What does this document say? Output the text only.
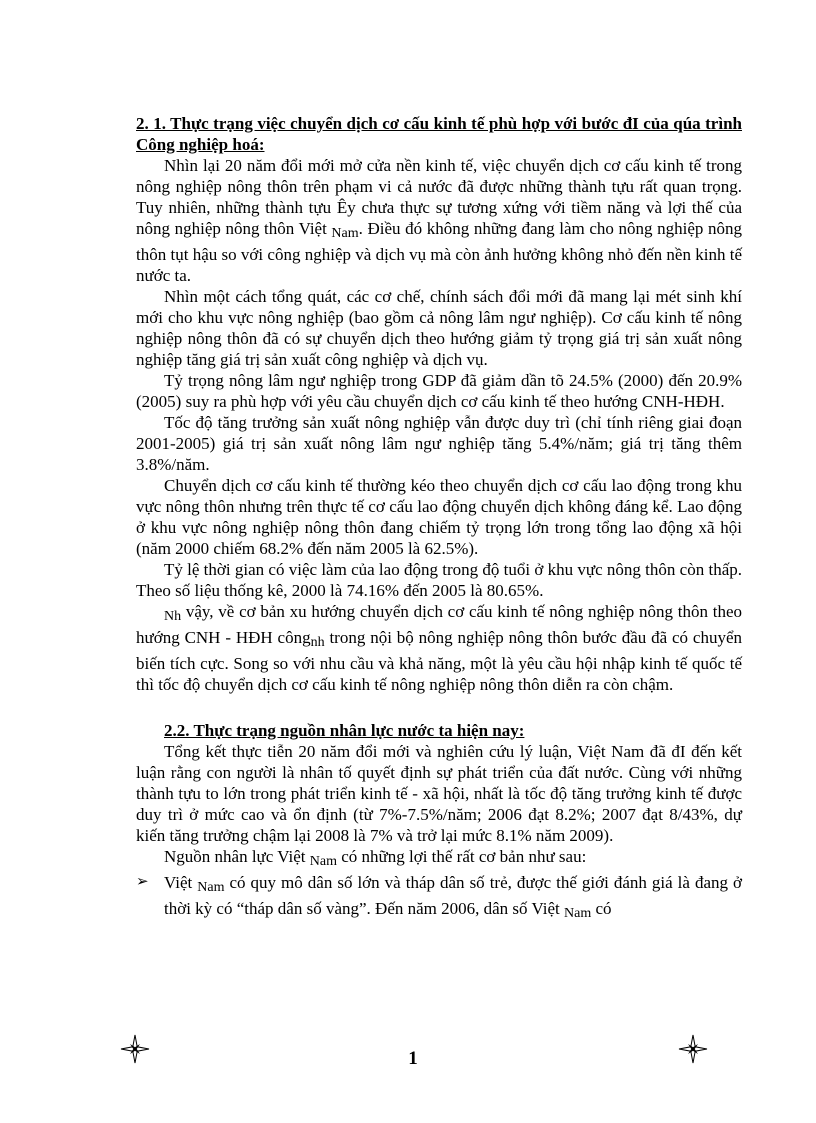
2. 1. Thực trạng việc chuyển dịch cơ cấu kinh tế phù hợp với bước đI của qúa trình Công nghiệp hoá:

Nhìn lại 20 năm đổi mới mở cửa nền kinh tế, việc chuyển dịch cơ cấu kinh tế trong nông nghiệp nông thôn trên phạm vi cả nước đã được những thành tựu rất quan trọng. Tuy nhiên, những thành tựu Êy chưa thực sự tương xứng với tiềm năng và lợi thế của nông nghiệp nông thôn Việt $_{Nam}$. Điều đó không những đang làm cho nông nghiệp nông thôn tụt hậu so với công nghiệp và dịch vụ mà còn ảnh hưởng không nhỏ đến nền kinh tế nước ta.

Nhìn một cách tổng quát, các cơ chế, chính sách đổi mới đã mang lại mét sinh khí mới cho khu vực nông nghiệp (bao gồm cả nông lâm ngư nghiệp). Cơ cấu kinh tế nông nghiệp nông thôn đã có sự chuyển dịch theo hướng giảm tỷ trọng giá trị sản xuất nông nghiệp tăng giá trị sản xuất công nghiệp và dịch vụ.

Tỷ trọng nông lâm ngư nghiệp trong GDP đã giảm dần tõ 24.5% (2000) đến 20.9% (2005) suy ra phù hợp với yêu cầu chuyển dịch cơ cấu kinh tế theo hướng CNH-HĐH.

Tốc độ tăng trưởng sản xuất nông nghiệp vẫn được duy trì (chỉ tính riêng giai đoạn 2001-2005) giá trị sản xuất nông lâm ngư nghiệp tăng 5.4%/năm; giá trị tăng thêm 3.8%/năm.

Chuyển dịch cơ cấu kinh tế thường kéo theo chuyển dịch cơ cấu lao động trong khu vực nông thôn nhưng trên thực tế cơ cấu lao động chuyển dịch không đáng kể. Lao động ở khu vực nông nghiệp nông thôn đang chiếm tỷ trọng lớn trong tổng lao động xã hội (năm 2000 chiếm 68.2% đến năm 2005 là 62.5%).

Tỷ lệ thời gian có việc làm của lao động trong độ tuổi ở khu vực nông thôn còn thấp. Theo số liệu thống kê, 2000 là 74.16% đến 2005 là 80.65%.

$_{Nh}$ vậy, về cơ bản xu hướng chuyển dịch cơ cấu kinh tế nông nghiệp nông thôn theo hướng CNH - HĐH công$_{nh}$ trong nội bộ nông nghiệp nông thôn bước đầu đã có chuyển biến tích cực. Song so với nhu cầu và khả năng, một là yêu cầu hội nhập kinh tế quốc tế thì tốc độ chuyển dịch cơ cấu kinh tế nông nghiệp nông thôn diễn ra còn chậm.

2.2. Thực trạng nguồn nhân lực nước ta hiện nay:

Tổng kết thực tiễn 20 năm đổi mới và nghiên cứu lý luận, Việt Nam đã đI đến kết luận rằng con người là nhân tố quyết định sự phát triển của đất nước. Cùng với những thành tựu to lớn trong phát triển kinh tế - xã hội, nhất là tốc độ tăng trưởng kinh tế được duy trì ở mức cao và ổn định (từ 7%-7.5%/năm; 2006 đạt 8.2%; 2007 đạt 8/43%, dự kiến tăng trưởng chậm lại 2008 là 7% và trở lại mức 8.1% năm 2009).

Nguồn nhân lực Việt $_{Nam}$ có những lợi thế rất cơ bản như sau:

➢ Việt $_{Nam}$ có quy mô dân số lớn và tháp dân số trẻ, được thế giới đánh giá là đang ở thời kỳ có “tháp dân số vàng”. Đến năm 2006, dân số Việt $_{Nam}$ có
1
